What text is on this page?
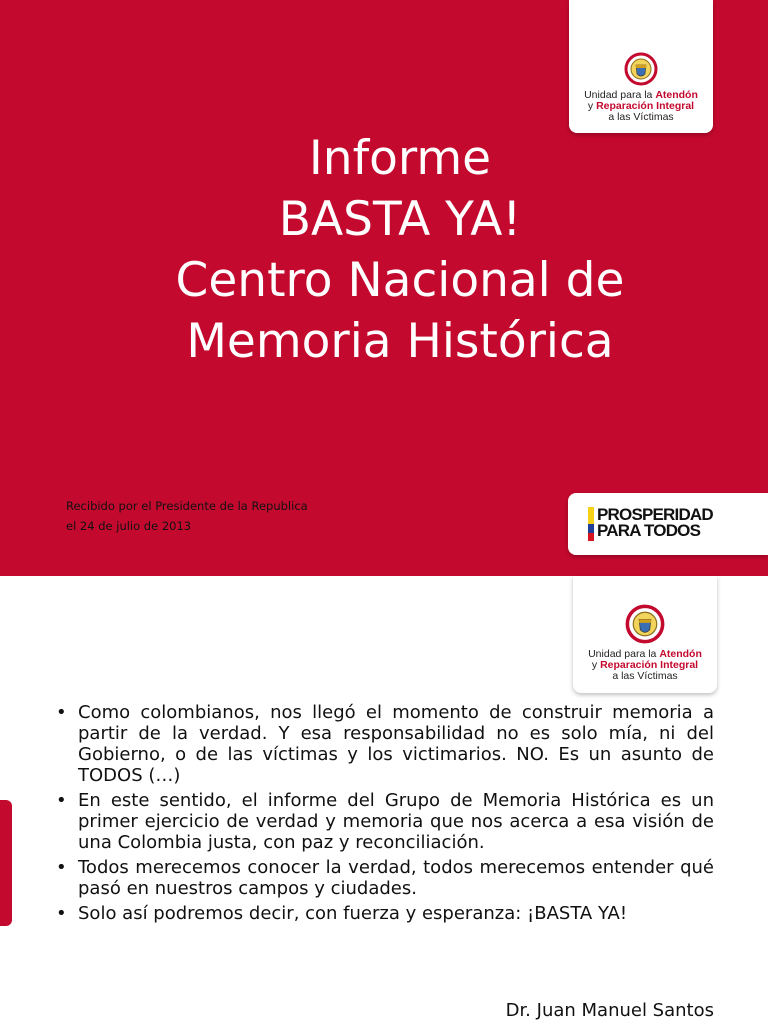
Unidad para la Atendón
y Reparación Integral
a las Víctimas
Informe
BASTA YA!
Centro Nacional de
Memoria Histórica
Recibido por el Presidente de la Republica
el 24 de julio de 2013
PROSPERIDAD
PARA TODOS
Unidad para la Atendón
y Reparación Integral
a las Víctimas
• Como colombianos, nos llegó el momento de construir memoria a partir de la verdad. Y esa responsabilidad no es solo mía, ni del Gobierno, o de las víctimas y los victimarios. NO. Es un asunto de TODOS (…)
• En este sentido, el informe del Grupo de Memoria Histórica es un primer ejercicio de verdad y memoria que nos acerca a esa visión de una Colombia justa, con paz y reconciliación.
• Todos merecemos conocer la verdad, todos merecemos entender qué pasó en nuestros campos y ciudades.
• Solo así podremos decir, con fuerza y esperanza: ¡BASTA YA!
Dr. Juan Manuel Santos
